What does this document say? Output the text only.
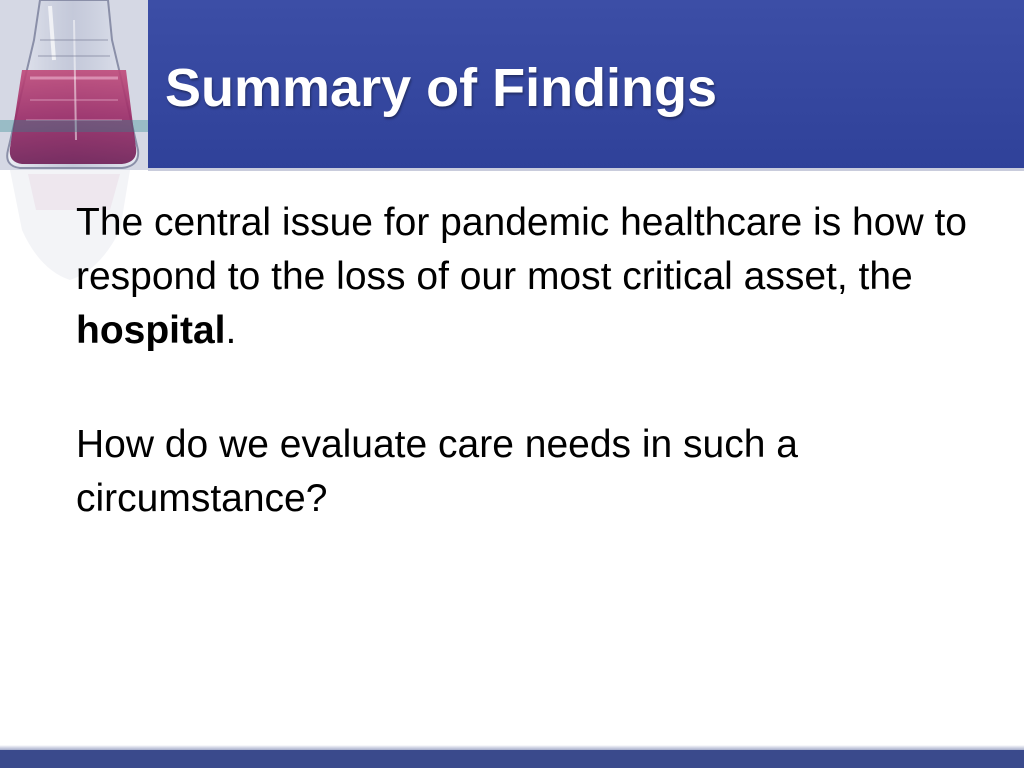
Summary of Findings

The central issue for pandemic healthcare is how to respond to the loss of our most critical asset, the hospital.

How do we evaluate care needs in such a circumstance?
